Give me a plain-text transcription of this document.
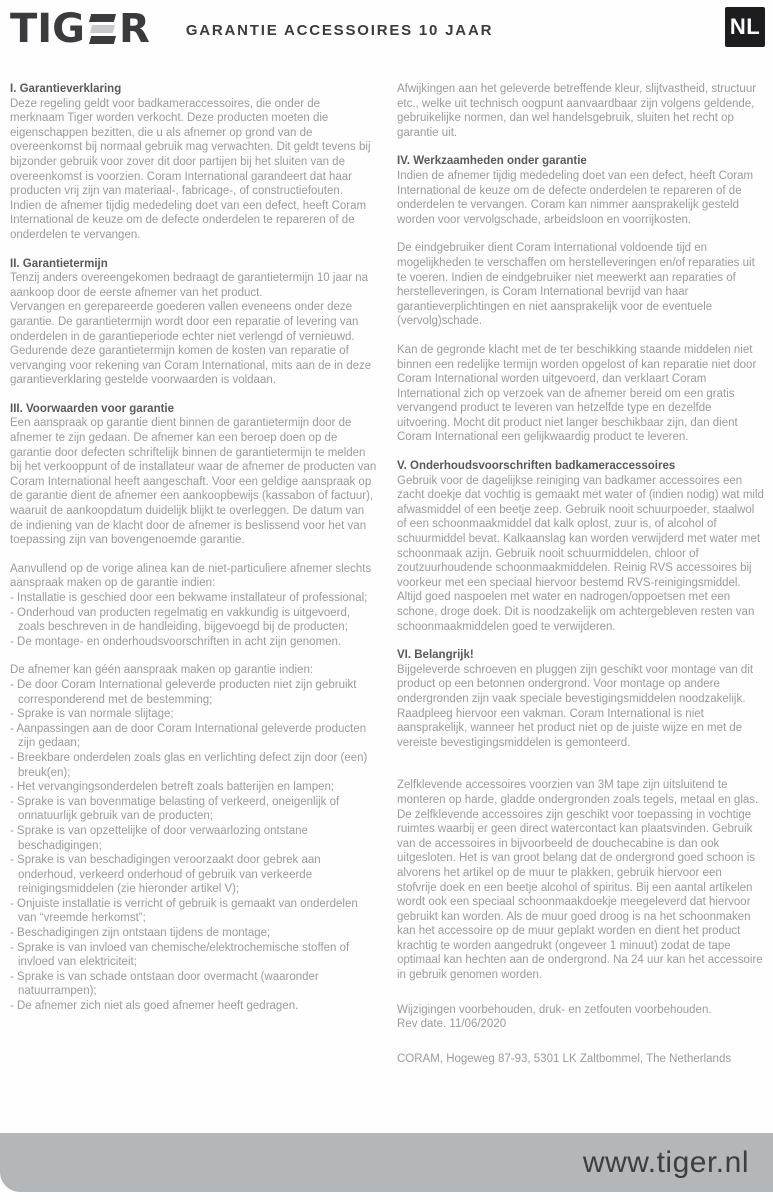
TIG R GARANTIE ACCESSOIRES 10 JAAR	NL
I. Garantieverklaring

Deze regeling geldt voor badkameraccessoires, die onder de merknaam Tiger worden verkocht. Deze producten moeten die eigenschappen bezitten, die u als afnemer op grond van de overeenkomst bij normaal gebruik mag verwachten. Dit geldt tevens bij bijzonder gebruik voor zover dit door partijen bij het sluiten van de overeenkomst is voorzien. Coram International garandeert dat haar producten vrij zijn van materiaal-, fabricage-, of constructiefouten. Indien de afnemer tijdig mededeling doet van een defect, heeft Coram International de keuze om de defecte onderdelen te repareren of de onderdelen te vervangen.

II. Garantietermijn

Tenzij anders overeengekomen bedraagt de garantietermijn 10 jaar na aankoop door de eerste afnemer van het product.

Vervangen en gerepareerde goederen vallen eveneens onder deze garantie. De garantietermijn wordt door een reparatie of levering van onderdelen in de garantieperiode echter niet verlengd of vernieuwd.

Gedurende deze garantietermijn komen de kosten van reparatie of vervanging voor rekening van Coram International, mits aan de in deze garantieverklaring gestelde voorwaarden is voldaan.

III. Voorwaarden voor garantie

Een aanspraak op garantie dient binnen de garantietermijn door de afnemer te zijn gedaan. De afnemer kan een beroep doen op de garantie door defecten schriftelijk binnen de garantietermijn te melden bij het verkooppunt of de installateur waar de afnemer de producten van Coram International heeft aangeschaft. Voor een geldige aanspraak op de garantie dient de afnemer een aankoopbewijs (kassabon of factuur), waaruit de aankoopdatum duidelijk blijkt te overleggen. De datum van de indiening van de klacht door de afnemer is beslissend voor het van toepassing zijn van bovengenoemde garantie.

Aanvullend op de vorige alinea kan de niet-particuliere afnemer slechts aanspraak maken op de garantie indien:

- Installatie is geschied door een bekwame installateur of professional;
- Onderhoud van producten regelmatig en vakkundig is uitgevoerd, zoals beschreven in de handleiding, bijgevoegd bij de producten;
- De montage- en onderhoudsvoorschriften in acht zijn genomen.

De afnemer kan géén aanspraak maken op garantie indien:

- De door Coram International geleverde producten niet zijn gebruikt corresponderend met de bestemming;
- Sprake is van normale slijtage;
- Aanpassingen aan de door Coram International geleverde producten zijn gedaan;
- Breekbare onderdelen zoals glas en verlichting defect zijn door (een) breuk(en);
- Het vervangingsonderdelen betreft zoals batterijen en lampen;
- Sprake is van bovenmatige belasting of verkeerd, oneigenlijk of onnatuurlijk gebruik van de producten;
- Sprake is van opzettelijke of door verwaarlozing ontstane beschadigingen;
- Sprake is van beschadigingen veroorzaakt door gebrek aan onderhoud, verkeerd onderhoud of gebruik van verkeerde reinigingsmiddelen (zie hieronder artikel V);
- Onjuiste installatie is verricht of gebruik is gemaakt van onderdelen van “vreemde herkomst”;
- Beschadigingen zijn ontstaan tijdens de montage;
- Sprake is van invloed van chemische/elektrochemische stoffen of invloed van elektriciteit;
- Sprake is van schade ontstaan door overmacht (waaronder natuurrampen);
- De afnemer zich niet als goed afnemer heeft gedragen.

Afwijkingen aan het geleverde betreffende kleur, slijtvastheid, structuur etc., welke uit technisch oogpunt aanvaardbaar zijn volgens geldende, gebruikelijke normen, dan wel handelsgebruik, sluiten het recht op garantie uit.

IV. Werkzaamheden onder garantie

Indien de afnemer tijdig mededeling doet van een defect, heeft Coram International de keuze om de defecte onderdelen te repareren of de onderdelen te vervangen. Coram kan nimmer aansprakelijk gesteld worden voor vervolgschade, arbeidsloon en voorrijkosten.

De eindgebruiker dient Coram International voldoende tijd en mogelijkheden te verschaffen om herstelleveringen en/of reparaties uit te voeren. Indien de eindgebruiker niet meewerkt aan reparaties of herstelleveringen, is Coram International bevrijd van haar garantieverplichtingen en niet aansprakelijk voor de eventuele (vervolg)schade.

Kan de gegronde klacht met de ter beschikking staande middelen niet binnen een redelijke termijn worden opgelost of kan reparatie niet door Coram International worden uitgevoerd, dan verklaart Coram International zich op verzoek van de afnemer bereid om een gratis vervangend product te leveren van hetzelfde type en dezelfde uitvoering. Mocht dit product niet langer beschikbaar zijn, dan dient Coram International een gelijkwaardig product te leveren.

V. Onderhoudsvoorschriften badkameraccessoires

Gebruik voor de dagelijkse reiniging van badkamer accessoires een zacht doekje dat vochtig is gemaakt met water of (indien nodig) wat mild afwasmiddel of een beetje zeep. Gebruik nooit schuurpoeder, staalwol of een schoonmaakmiddel dat kalk oplost, zuur is, of alcohol of schuurmiddel bevat. Kalkaanslag kan worden verwijderd met water met schoonmaak azijn. Gebruik nooit schuurmiddelen, chloor of zoutzuurhoudende schoonmaakmiddelen. Reinig RVS accessoires bij voorkeur met een speciaal hiervoor bestemd RVS-reinigingsmiddel. Altijd goed naspoelen met water en nadrogen/oppoetsen met een schone, droge doek. Dit is noodzakelijk om achtergebleven resten van schoonmaakmiddelen goed te verwijderen.

VI. Belangrijk!

Bijgeleverde schroeven en pluggen zijn geschikt voor montage van dit product op een betonnen ondergrond. Voor montage op andere ondergronden zijn vaak speciale bevestigingsmiddelen noodzakelijk. Raadpleeg hiervoor een vakman. Coram International is niet aansprakelijk, wanneer het product niet op de juiste wijze en met de vereiste bevestigingsmiddelen is gemonteerd.

Zelfklevende accessoires voorzien van 3M tape zijn uitsluitend te monteren op harde, gladde ondergronden zoals tegels, metaal en glas. De zelfklevende accessoires zijn geschikt voor toepassing in vochtige ruimtes waarbij er geen direct watercontact kan plaatsvinden. Gebruik van de accessoires in bijvoorbeeld de douchecabine is dan ook uitgesloten. Het is van groot belang dat de ondergrond goed schoon is alvorens het artikel op de muur te plakken, gebruik hiervoor een stofvrije doek en een beetje alcohol of spiritus. Bij een aantal artikelen wordt ook een speciaal schoonmaakdoekje meegeleverd dat hiervoor gebruikt kan worden. Als de muur goed droog is na het schoonmaken kan het accessoire op de muur geplakt worden en dient het product krachtig te worden aangedrukt (ongeveer 1 minuut) zodat de tape optimaal kan hechten aan de ondergrond. Na 24 uur kan het accessoire in gebruik genomen worden.

Wijzigingen voorbehouden, druk- en zetfouten voorbehouden.

Rev date. 11/06/2020

CORAM, Hogeweg 87-93, 5301 LK Zaltbommel, The Netherlands

www.tiger.nl
